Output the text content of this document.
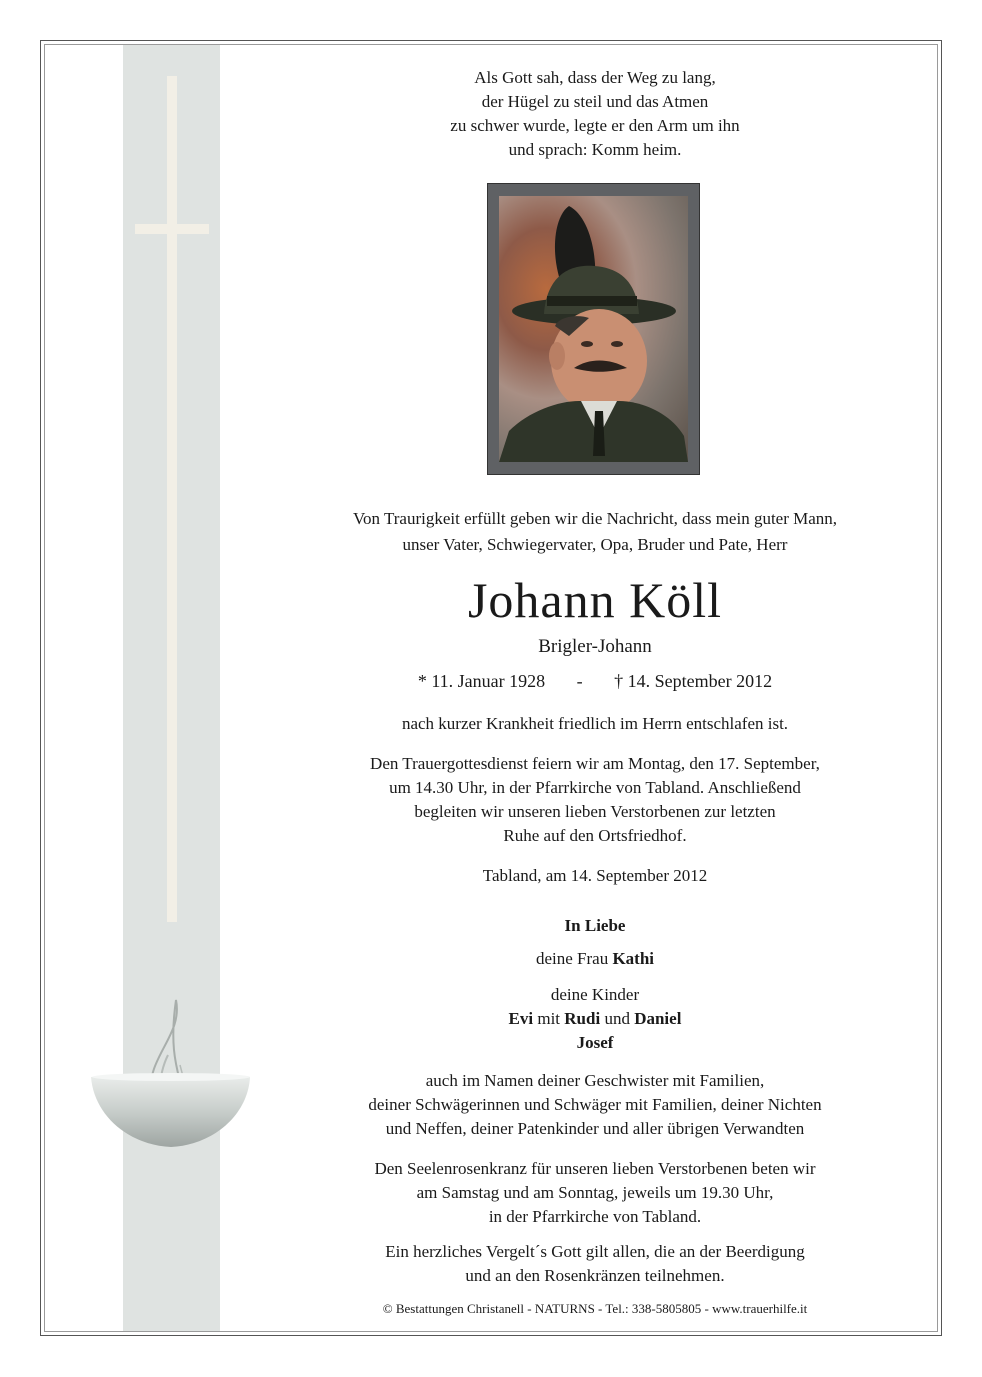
Als Gott sah, dass der Weg zu lang,
der Hügel zu steil und das Atmen
zu schwer wurde, legte er den Arm um ihn
und sprach: Komm heim.
Von Traurigkeit erfüllt geben wir die Nachricht, dass mein guter Mann,
unser Vater, Schwiegervater, Opa, Bruder und Pate, Herr
Johann Köll
Brigler-Johann
* 11. Januar 1928 - † 14. September 2012
nach kurzer Krankheit friedlich im Herrn entschlafen ist.
Den Trauergottesdienst feiern wir am Montag, den 17. September,
um 14.30 Uhr, in der Pfarrkirche von Tabland. Anschließend
begleiten wir unseren lieben Verstorbenen zur letzten
Ruhe auf den Ortsfriedhof.
Tabland, am 14. September 2012
In Liebe
deine Frau Kathi
deine Kinder
Evi mit Rudi und Daniel
Josef
auch im Namen deiner Geschwister mit Familien,
deiner Schwägerinnen und Schwäger mit Familien, deiner Nichten
und Neffen, deiner Patenkinder und aller übrigen Verwandten
Den Seelenrosenkranz für unseren lieben Verstorbenen beten wir
am Samstag und am Sonntag, jeweils um 19.30 Uhr,
in der Pfarrkirche von Tabland.
Ein herzliches Vergelt´s Gott gilt allen, die an der Beerdigung
und an den Rosenkränzen teilnehmen.
© Bestattungen Christanell - NATURNS - Tel.: 338-5805805 - www.trauerhilfe.it
